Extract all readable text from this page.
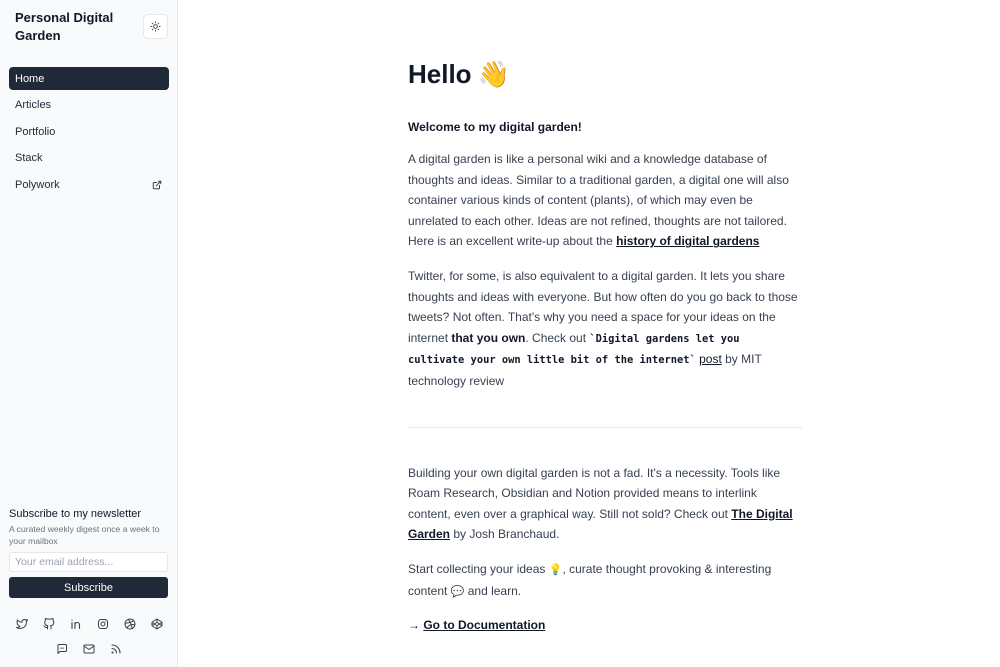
Personal Digital Garden
Home
Articles
Portfolio
Stack
Polywork
Subscribe to my newsletter
A curated weekly digest once a week to your mailbox
Your email address... Subscribe
Hello 👋
Welcome to my digital garden!

A digital garden is like a personal wiki and a knowledge database of thoughts and ideas. Similar to a traditional garden, a digital one will also container various kinds of content (plants), of which may even be unrelated to each other. Ideas are not refined, thoughts are not tailored. Here is an excellent write-up about the history of digital gardens

Twitter, for some, is also equivalent to a digital garden. It lets you share thoughts and ideas with everyone. But how often do you go back to those tweets? Not often. That's why you need a space for your ideas on the internet that you own. Check out `Digital gardens let you cultivate your own little bit of the internet` post by MIT technology review

Building your own digital garden is not a fad. It's a necessity. Tools like Roam Research, Obsidian and Notion provided means to interlink content, even over a graphical way. Still not sold? Check out The Digital Garden by Josh Branchaud.

Start collecting your ideas 💡, curate thought provoking & interesting content 💬 and learn.

→ Go to Documentation
